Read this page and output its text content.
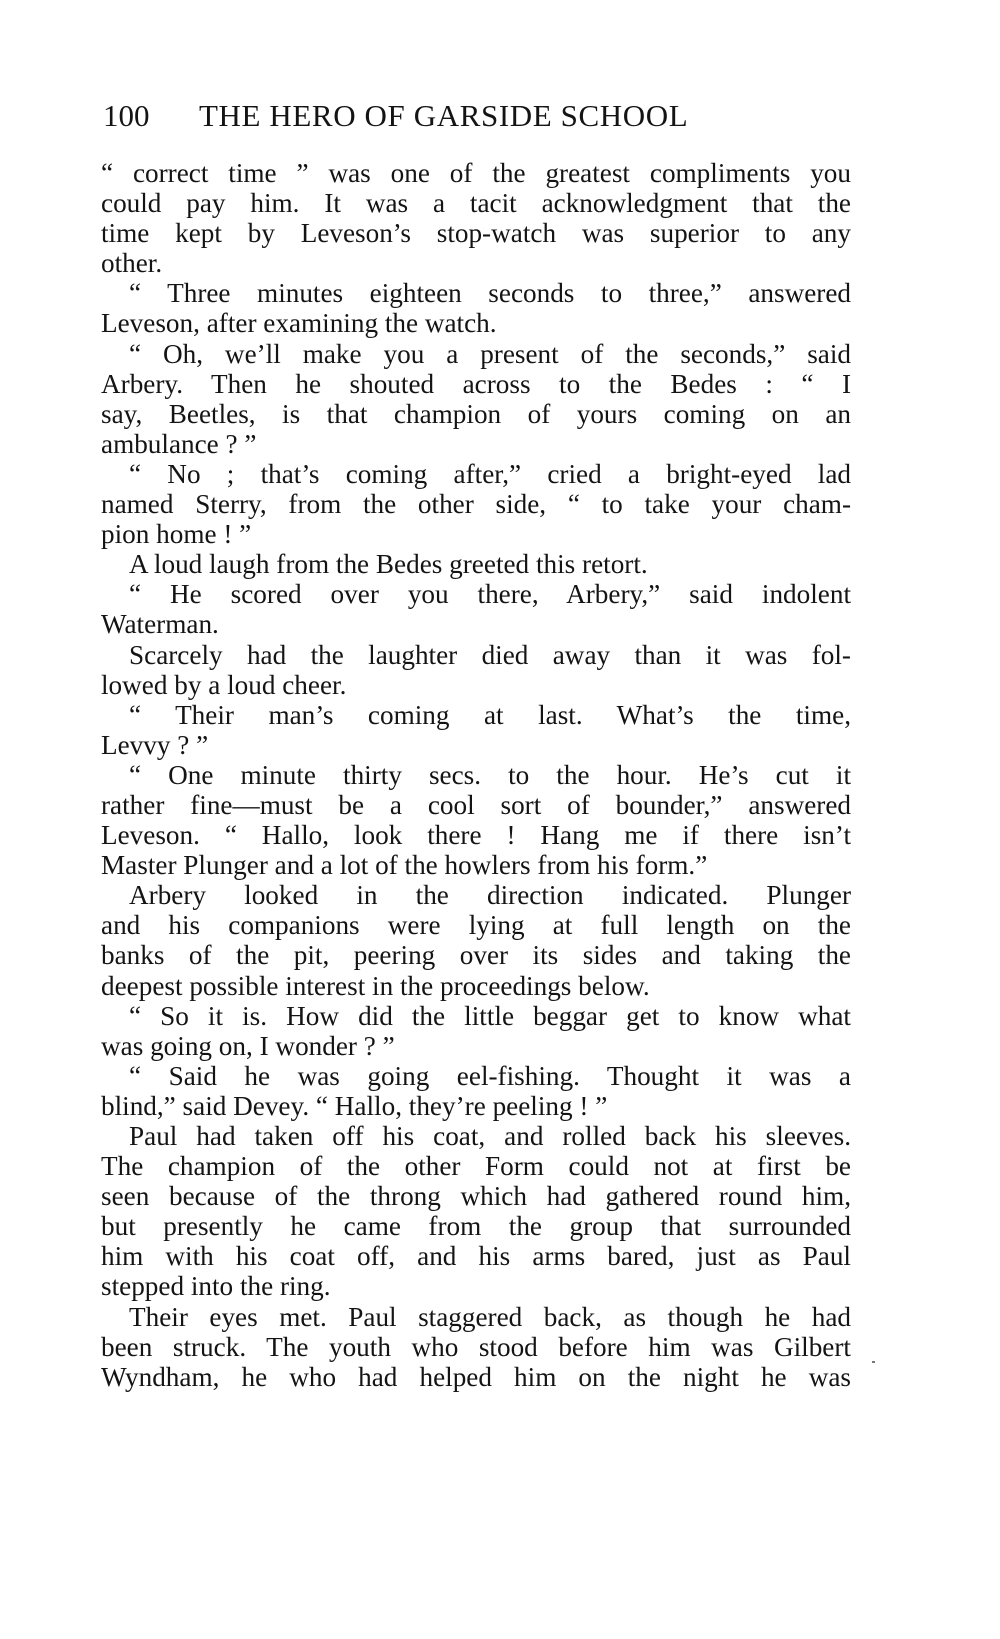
100 THE HERO OF GARSIDE SCHOOL
“ correct time ” was one of the greatest compliments you
could pay him. It was a tacit acknowledgment that the
time kept by Leveson’s stop-watch was superior to any
other.
“ Three minutes eighteen seconds to three,” answered
Leveson, after examining the watch.
“ Oh, we’ll make you a present of the seconds,” said
Arbery. Then he shouted across to the Bedes : “ I
say, Beetles, is that champion of yours coming on an
ambulance ? ”
“ No ; that’s coming after,” cried a bright-eyed lad
named Sterry, from the other side, “ to take your cham-
pion home ! ”
A loud laugh from the Bedes greeted this retort.
“ He scored over you there, Arbery,” said indolent
Waterman.
Scarcely had the laughter died away than it was fol-
lowed by a loud cheer.
“ Their man’s coming at last. What’s the time,
Levvy ? ”
“ One minute thirty secs. to the hour. He’s cut it
rather fine—must be a cool sort of bounder,” answered
Leveson. “ Hallo, look there ! Hang me if there isn’t
Master Plunger and a lot of the howlers from his form.”
Arbery looked in the direction indicated. Plunger
and his companions were lying at full length on the
banks of the pit, peering over its sides and taking the
deepest possible interest in the proceedings below.
“ So it is. How did the little beggar get to know what
was going on, I wonder ? ”
“ Said he was going eel-fishing. Thought it was a
blind,” said Devey. “ Hallo, they’re peeling ! ”
Paul had taken off his coat, and rolled back his sleeves.
The champion of the other Form could not at first be
seen because of the throng which had gathered round him,
but presently he came from the group that surrounded
him with his coat off, and his arms bared, just as Paul
stepped into the ring.
Their eyes met. Paul staggered back, as though he had
been struck. The youth who stood before him was Gilbert
Wyndham, he who had helped him on the night he was
